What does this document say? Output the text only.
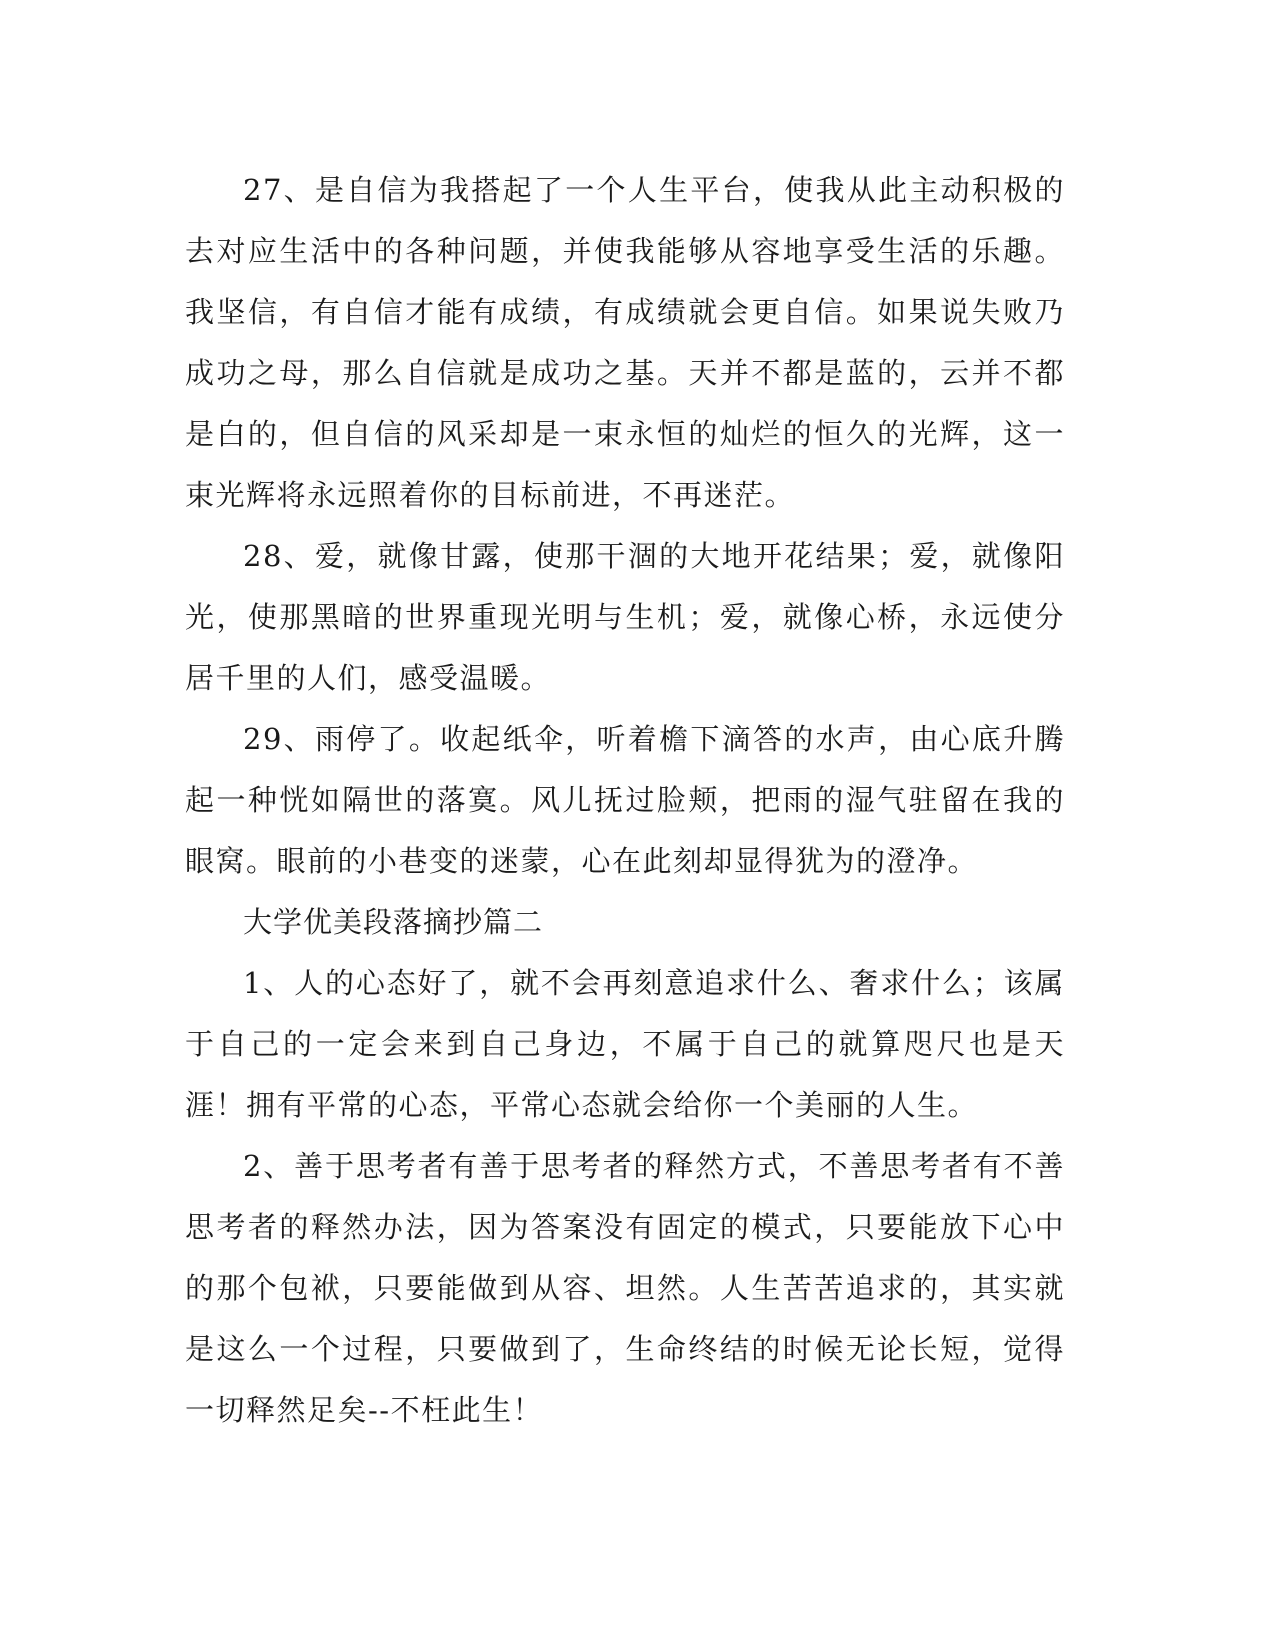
27、是自信为我搭起了一个人生平台，使我从此主动积极的去对应生活中的各种问题，并使我能够从容地享受生活的乐趣。我坚信，有自信才能有成绩，有成绩就会更自信。如果说失败乃成功之母，那么自信就是成功之基。天并不都是蓝的，云并不都是白的，但自信的风采却是一束永恒的灿烂的恒久的光辉，这一束光辉将永远照着你的目标前进，不再迷茫。

28、爱，就像甘露，使那干涸的大地开花结果；爱，就像阳光，使那黑暗的世界重现光明与生机；爱，就像心桥，永远使分居千里的人们，感受温暖。

29、雨停了。收起纸伞，听着檐下滴答的水声，由心底升腾起一种恍如隔世的落寞。风儿抚过脸颊，把雨的湿气驻留在我的眼窝。眼前的小巷变的迷蒙，心在此刻却显得犹为的澄净。

大学优美段落摘抄篇二

1、人的心态好了，就不会再刻意追求什么、奢求什么；该属于自己的一定会来到自己身边，不属于自己的就算咫尺也是天涯！拥有平常的心态，平常心态就会给你一个美丽的人生。

2、善于思考者有善于思考者的释然方式，不善思考者有不善思考者的释然办法，因为答案没有固定的模式，只要能放下心中的那个包袱，只要能做到从容、坦然。人生苦苦追求的，其实就是这么一个过程，只要做到了，生命终结的时候无论长短，觉得一切释然足矣--不枉此生！
